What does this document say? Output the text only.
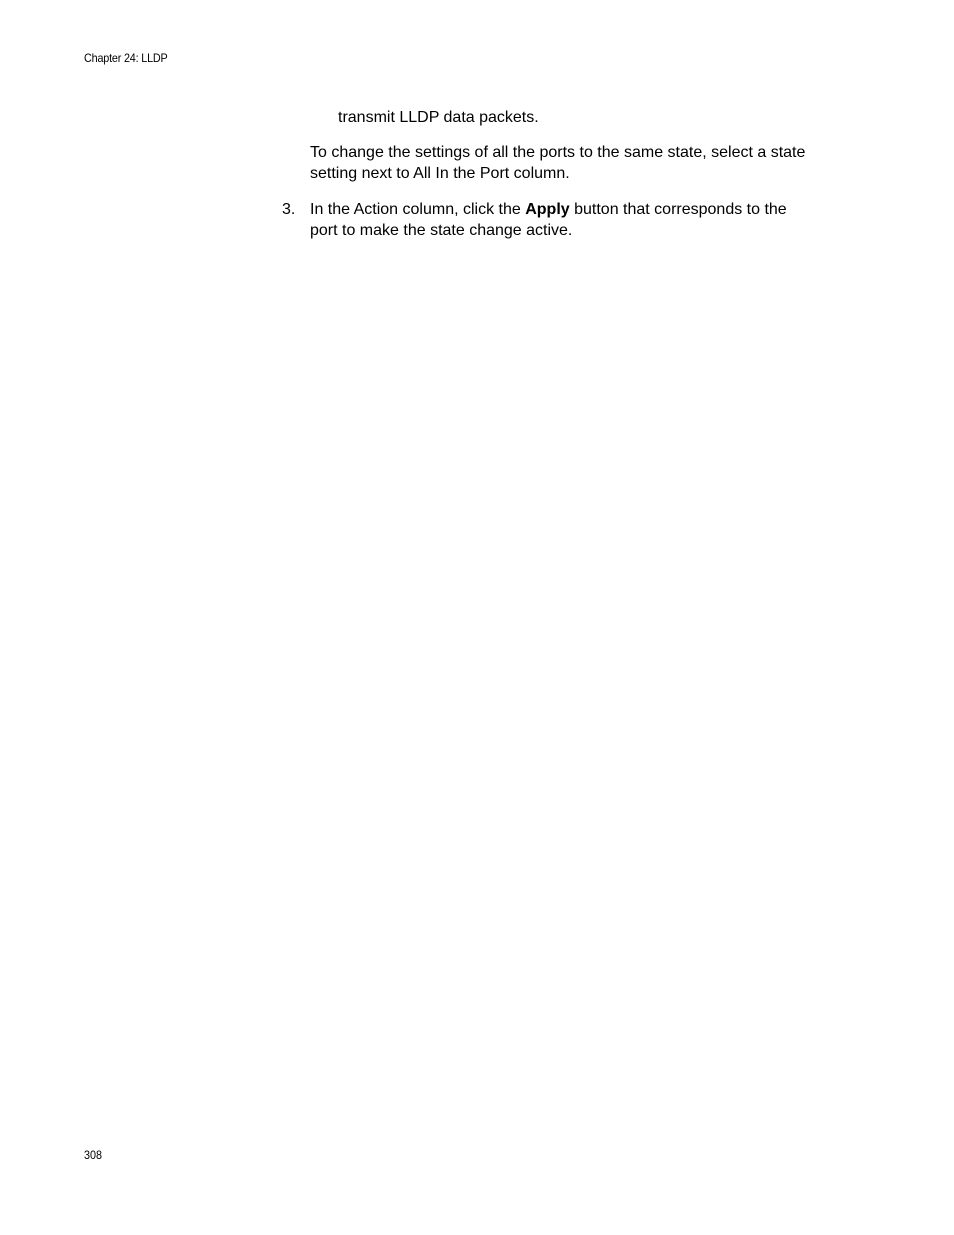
Chapter 24: LLDP
transmit LLDP data packets.
To change the settings of all the ports to the same state, select a state
setting next to All In the Port column.
3. In the Action column, click the Apply button that corresponds to the
port to make the state change active.
308
